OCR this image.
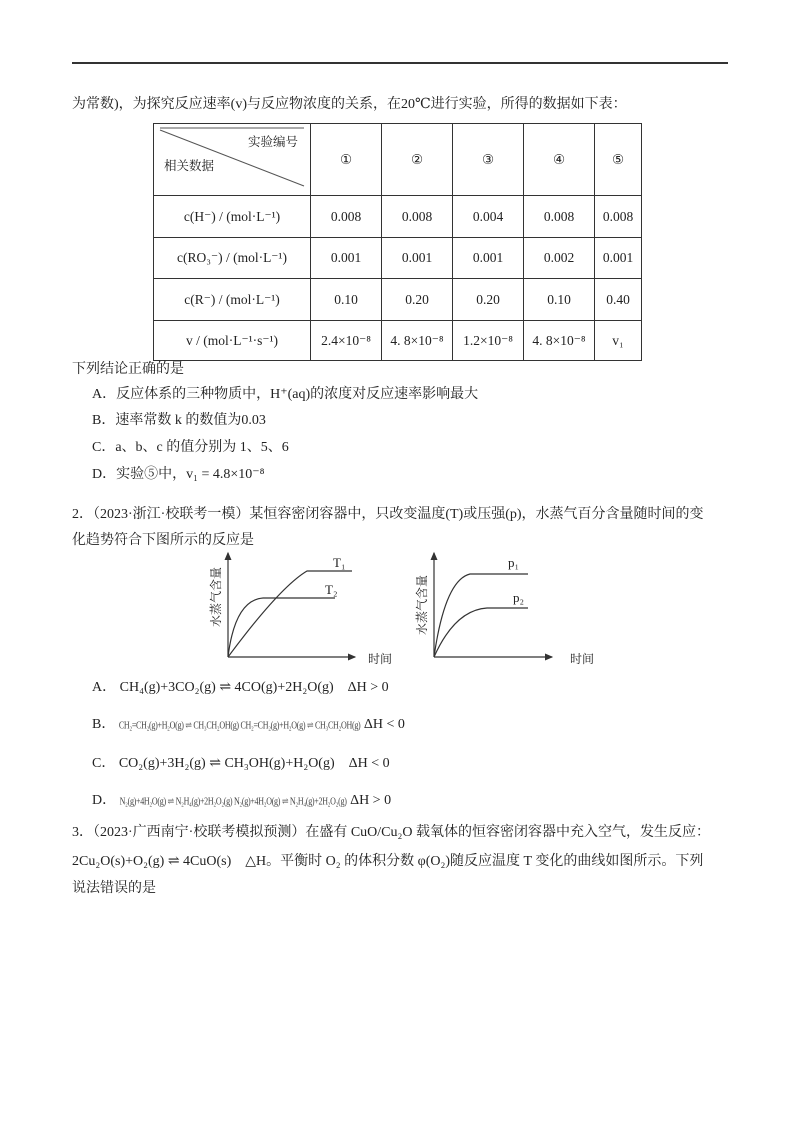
为常数)，为探究反应速率(v)与反应物浓度的关系，在20℃进行实验，所得的数据如下表：
实验编号
相关数据	①	②	③	④	⑤
c(H⁻) / (mol·L⁻¹)	0.008	0.008	0.004	0.008	0.008
c(RO₃⁻) / (mol·L⁻¹)	0.001	0.001	0.001	0.002	0.001
c(R⁻) / (mol·L⁻¹)	0.10	0.20	0.20	0.10	0.40
v / (mol·L⁻¹·s⁻¹)	2.4×10⁻⁸	4. 8×10⁻⁸	1.2×10⁻⁸	4. 8×10⁻⁸	v₁
下列结论正确的是
A．反应体系的三种物质中，H⁺(aq)的浓度对反应速率影响最大
B．速率常数 k 的数值为0.03
C．a、b、c 的值分别为 1、5、6
D．实验⑤中，v₁ = 4.8×10⁻⁸
2．（2023·浙江·校联考一模）某恒容密闭容器中，只改变温度(T)或压强(p)，水蒸气百分含量随时间的变
化趋势符合下图所示的反应是
T₁
T₂
时间
水蒸气含量
p₁
p₂
时间
水蒸气含量
A． CH₄(g)+3CO₂(g) ⇌ 4CO(g)+2H₂O(g)　 ΔH > 0
B． CH₂=CH₂(g)+H₂O(g) ⇌ CH₃CH₂OH(g) CH₂=CH₂(g)+H₂O(g) ⇌ CH₃CH₂OH(g) ΔH < 0
C． CO₂(g)+3H₂(g) ⇌ CH₃OH(g)+H₂O(g)　 ΔH < 0
D． N₂(g)+4H₂O(g) ⇌ N₂H₄(g)+2H₂O₂(g) N₂(g)+4H₂O(g) ⇌ N₂H₄(g)+2H₂O₂(g) ΔH > 0
3．（2023·广西南宁·校联考模拟预测）在盛有 CuO/Cu₂O 载氧体的恒容密闭容器中充入空气，发生反应：
2Cu₂O(s)+O₂(g) ⇌ 4CuO(s)　△H。平衡时 O₂ 的体积分数 φ(O₂)随反应温度 T 变化的曲线如图所示。下列
说法错误的是
